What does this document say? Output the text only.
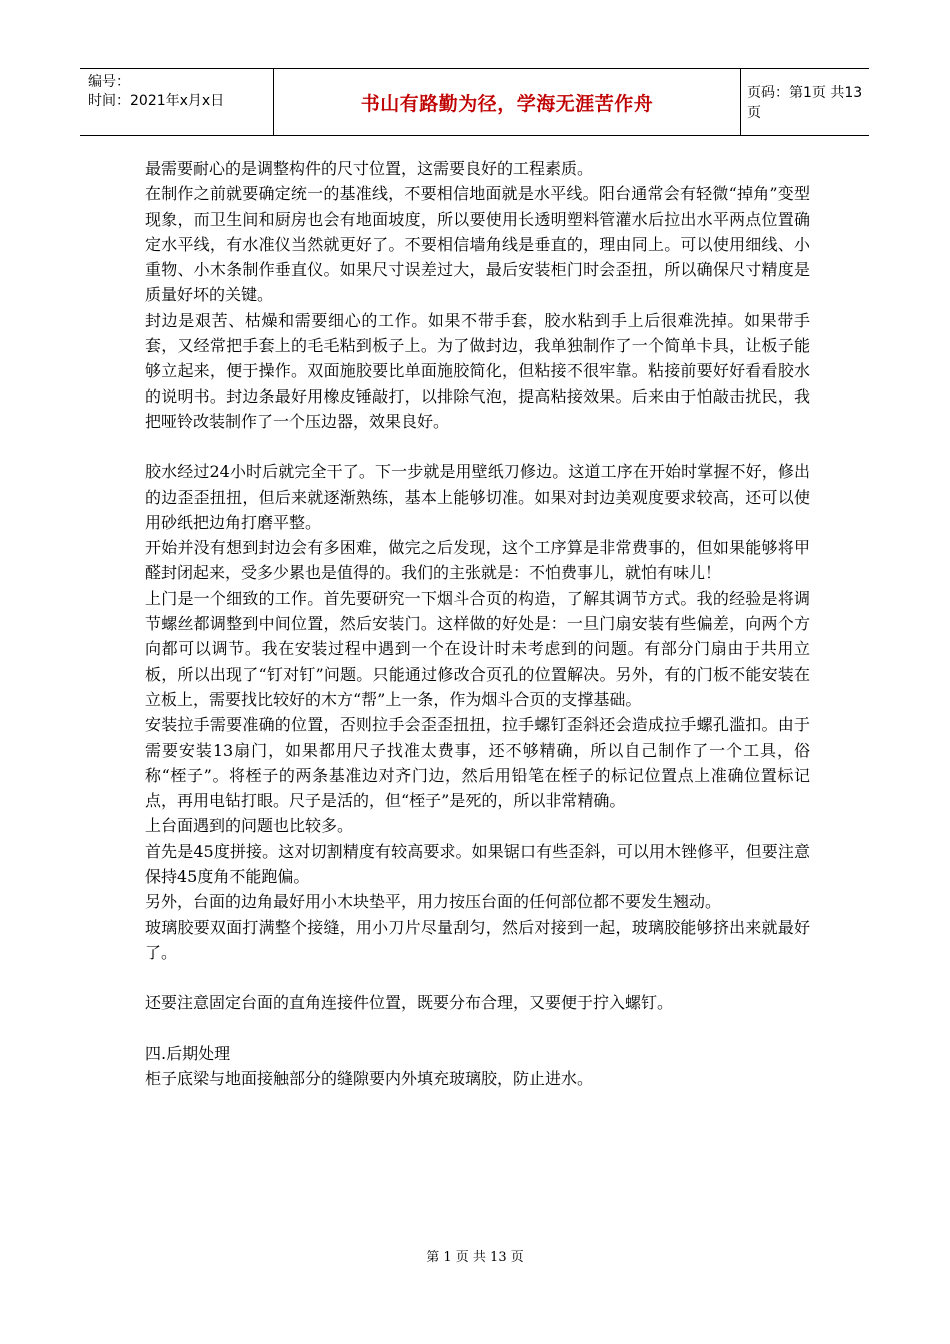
编号：
时间：2021年x月x日	书山有路勤为径，学海无涯苦作舟	页码：第1页 共13页

最需要耐心的是调整构件的尺寸位置，这需要良好的工程素质。

在制作之前就要确定统一的基准线，不要相信地面就是水平线。阳台通常会有轻微“掉角”变型现象，而卫生间和厨房也会有地面坡度，所以要使用长透明塑料管灌水后拉出水平两点位置确定水平线，有水准仪当然就更好了。不要相信墙角线是垂直的，理由同上。可以使用细线、小重物、小木条制作垂直仪。如果尺寸误差过大，最后安装柜门时会歪扭，所以确保尺寸精度是质量好坏的关键。

封边是艰苦、枯燥和需要细心的工作。如果不带手套，胶水粘到手上后很难洗掉。如果带手套，又经常把手套上的毛毛粘到板子上。为了做封边，我单独制作了一个简单卡具，让板子能够立起来，便于操作。双面施胶要比单面施胶简化，但粘接不很牢靠。粘接前要好好看看胶水的说明书。封边条最好用橡皮锤敲打，以排除气泡，提高粘接效果。后来由于怕敲击扰民，我把哑铃改装制作了一个压边器，效果良好。

胶水经过24小时后就完全干了。下一步就是用壁纸刀修边。这道工序在开始时掌握不好，修出的边歪歪扭扭，但后来就逐渐熟练，基本上能够切准。如果对封边美观度要求较高，还可以使用砂纸把边角打磨平整。

开始并没有想到封边会有多困难，做完之后发现，这个工序算是非常费事的，但如果能够将甲醛封闭起来，受多少累也是值得的。我们的主张就是：不怕费事儿，就怕有味儿！

上门是一个细致的工作。首先要研究一下烟斗合页的构造，了解其调节方式。我的经验是将调节螺丝都调整到中间位置，然后安装门。这样做的好处是：一旦门扇安装有些偏差，向两个方向都可以调节。我在安装过程中遇到一个在设计时未考虑到的问题。有部分门扇由于共用立板，所以出现了“钉对钉”问题。只能通过修改合页孔的位置解决。另外，有的门板不能安装在立板上，需要找比较好的木方“帮”上一条，作为烟斗合页的支撑基础。

安装拉手需要准确的位置，否则拉手会歪歪扭扭，拉手螺钉歪斜还会造成拉手螺孔滥扣。由于需要安装13扇门，如果都用尺子找准太费事，还不够精确，所以自己制作了一个工具，俗称“桎子”。将桎子的两条基准边对齐门边，然后用铅笔在桎子的标记位置点上准确位置标记点，再用电钻打眼。尺子是活的，但“桎子”是死的，所以非常精确。

上台面遇到的问题也比较多。

首先是45度拼接。这对切割精度有较高要求。如果锯口有些歪斜，可以用木锉修平，但要注意保持45度角不能跑偏。

另外，台面的边角最好用小木块垫平，用力按压台面的任何部位都不要发生翘动。

玻璃胶要双面打满整个接缝，用小刀片尽量刮匀，然后对接到一起，玻璃胶能够挤出来就最好了。

还要注意固定台面的直角连接件位置，既要分布合理，又要便于拧入螺钉。

四.后期处理

柜子底梁与地面接触部分的缝隙要内外填充玻璃胶，防止进水。

第 1 页 共 13 页
